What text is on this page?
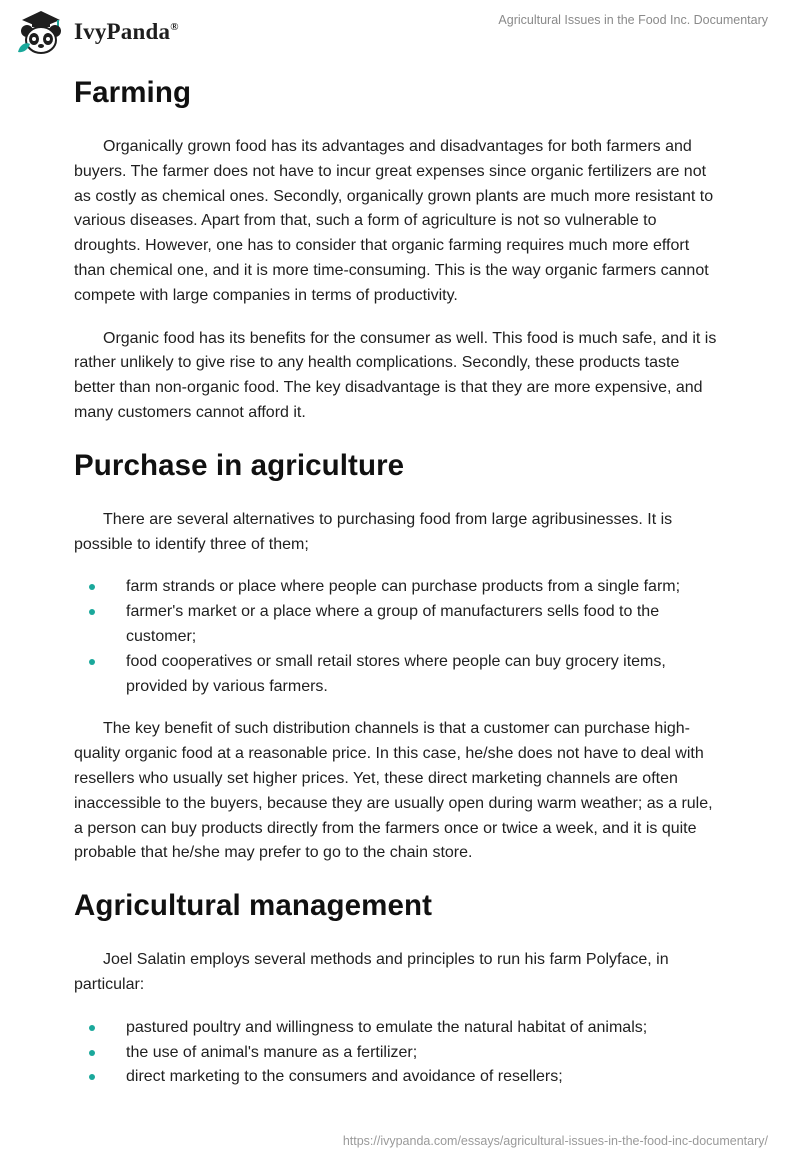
IvyPanda®	Agricultural Issues in the Food Inc. Documentary
Farming

Organically grown food has its advantages and disadvantages for both farmers and buyers. The farmer does not have to incur great expenses since organic fertilizers are not as costly as chemical ones. Secondly, organically grown plants are much more resistant to various diseases. Apart from that, such a form of agriculture is not so vulnerable to droughts. However, one has to consider that organic farming requires much more effort than chemical one, and it is more time-consuming. This is the way organic farmers cannot compete with large companies in terms of productivity.

Organic food has its benefits for the consumer as well. This food is much safe, and it is rather unlikely to give rise to any health complications. Secondly, these products taste better than non-organic food. The key disadvantage is that they are more expensive, and many customers cannot afford it.

Purchase in agriculture

There are several alternatives to purchasing food from large agribusinesses. It is possible to identify three of them;

farm strands or place where people can purchase products from a single farm;
farmer's market or a place where a group of manufacturers sells food to the customer;
food cooperatives or small retail stores where people can buy grocery items, provided by various farmers.

The key benefit of such distribution channels is that a customer can purchase high-quality organic food at a reasonable price. In this case, he/she does not have to deal with resellers who usually set higher prices. Yet, these direct marketing channels are often inaccessible to the buyers, because they are usually open during warm weather; as a rule, a person can buy products directly from the farmers once or twice a week, and it is quite probable that he/she may prefer to go to the chain store.

Agricultural management

Joel Salatin employs several methods and principles to run his farm Polyface, in particular:

pastured poultry and willingness to emulate the natural habitat of animals;
the use of animal's manure as a fertilizer;
direct marketing to the consumers and avoidance of resellers;
https://ivypanda.com/essays/agricultural-issues-in-the-food-inc-documentary/
